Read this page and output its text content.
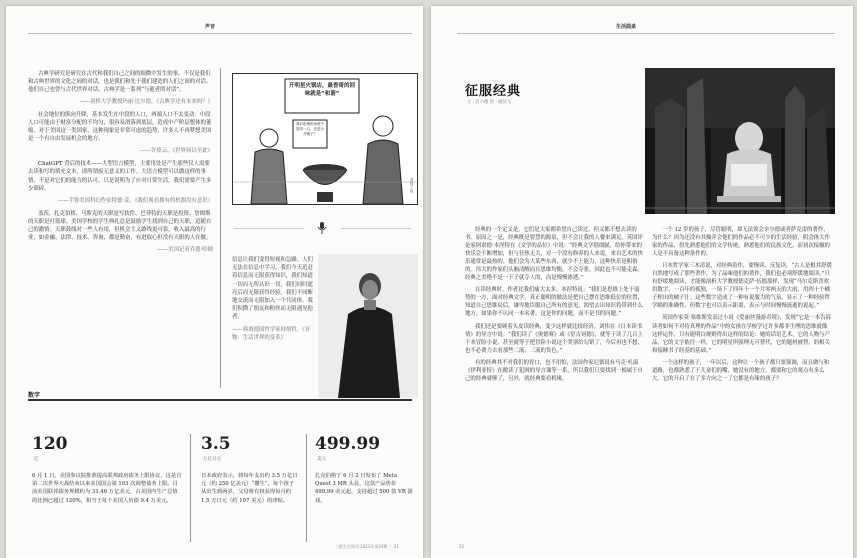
声音

古典学研究是研究在古代和我们自己之间的细微中发生的事，不仅是我们和古典世界的文化之间的对话，也是我们和先于我们建造的人们之间的对话。他们自己也曾与古代世界对话。古典学是一系列“与逝者的对话”。

——剑桥大学教授玛丽·比尔德，《古典学还有未来吗？》

社会地位的纵向升降，基本发生在中段的人口，两端人口不太变动：中段人口可能由于财富分配的不均匀，很容易滑落到底层，造成中产阶层整体的萎缩。对于美国这一类国家，这种现象是非常可虑的趋势，许多人不再梦想美国是一个有自由发展机会的地方。

——许倬云，《世界何以至此》

ChatGPT 背后的技术——大型语言模型，主要用处是产生那些仅人需要去读和写的填充文本，即所谓废无意义的工作。大语言模型可以做这样的事情，不是对它们的能力的认可，只是说明为了应对日常生活，我们需要产生多少琐碎。

——芋鲁美国科幻作家特德·姜，《我们观看拥有的机器没有意识》

盖茨、扎克伯格、马斯克的天职是写软件、巴菲特的天职是投资、詹姆斯的天职是打篮球。美国学校的学生典礼总是鼓励学生找到自己的天职，追随自己的激情。天职鼓线对一些人有用，但机会主义路线更可靠，收入最高的行业，如金融、法律、技术、咨询、都是勤奋，有进取心但没有天职的人在做。

——美国记者乔恩·哈姆
开明星火锅店，最香哥的回味就是“和谐”
我们吃锅的汤底不是同一口，还是分开锅子？
漫画/王钟
信息让我们变得短视和急躁。人们无法在信息中学习，我们今天追赶着信息而无限获得知识，我们知道一切而无所认识一切，我们同时遮亮后而无限获得经验。我们不间断地交流而无限加入一个共同体，我们积攒了朋友和粉丝而无限遇见他者。
——韩裔德国哲学家韩炳哲，《非物：生活世界的变革》
数字
120
亿
6 月 1 日，美国参议院批准提高联邦政府债务上限协议，这是自第二次世界大战结束以来美国国会第 103 次调整债务上限。目前美国联邦债务规模约为 31.46 万亿美元，占美国内生产总值的比例已超过 120%，相当于每个美国人负债 9.4 万美元。
3.5
万亿日元
日本政府表示，将每年支出约 3.5 万亿日元（约 250 亿美元）“撒生”。每个孩子从出生到两岁，父母将有权获得每月约 1.5 万日元（约 107 美元）的津贴。
499.99
美元
扎克伯格于 6 月 2 日发布了 Meta Quest 3 MR 头显，这款产品售价 499.99 美元起，支持超过 500 款 VR 游戏。
三联生活周刊 2023年第24期 ｜ 21
生活圆桌
征服经典
文 · 肖小穗 图 · 谢驮飞

经典的一个定义是，它们是大家都希望自己读过，但又都不想去读的书。原因之一是，经典既是智慧的源泉，但不会让我的人餐来满足。英国评论家阿诺德·本涅特在《文学的品位》中说：“经典文学很细腻，给你带来的快乐会不断增加，但与狂热无关，对一个没有修养的人来说，来自艺术的快乐通常是最热的。他们会为大某些东西，就少不上能力，这种快乐是粗俗的。伟大的作家们头脑清醒而且思维均衡，不会夺张，因此也不可能走森。经典之美绝不是一下子就夺人的，而是慢慢渗透。”

在读经典时，作者比我们痛大太多。本涅特说：“我们是思维上处于弱势的一方，面对经典文学，真正聪明的做法是把自己摆在思维低位的位置，知道自己思维局后，谦卑地臣服自己所有的意见，渴望去出知识将带到什么地方。如果你不认同一本名著，这是你的问题，而不是书的问题。”

我们还是要硬着头皮读经典，变少这样就比较经济。刘伟在《日本读书情》的导言中说：“我们读了《奥德赛》或《堂吉诃德》，就等于读了几百上千本冒险小说，甚至就等于把冒险小说这个类别给勾销了，今后再也不想，也不必费力去看那些二流、三流的货色。”

有的经典其不对我们的胃口，也不用怕，法国作家尼德说有马克·吐温《伊利亚特》在敞读了犯困的导言课等一系，所以我们只要找到一根属于自己的经典就够了，另外，就经典要看机缘，

一个 12 岁的孩子，尽管聪明，却无法领会奈尔德或者萨克雷的著作，为什么？因为还没有其操弄会他们的作品必不可少的生活经验，阴会体大作家的作品，得先熟悉他们的文学传统，熟悉他们的民族文化，而初次接触的人是不具备这种条件的。

日本哲学家三木清说，对经典着作，要慢读、反复读，“古人是根其舒缓自然地写成了那些著作，为了品味他们的著作，我们也必须舒缓地阅读。”只有舒缓地阅读，才能像剖析大学教授德克萨·伍德那样，发现“马尔克斯喜欢用数字、一百年的孤独，一场下了四年十一个月零两天的大雨，用四十个橘子榨出的橘子汁。这些数字造成了一种有说服力的气氛，显示了一种经验哲学隔的准确性，但数字也可以表示距离，表示与时间慢慢流逝的说起。”

英国作家莫·塞维斯发表过小说《爱丽丝漫游奇境》，发现“它是一本告诉读者如何不对待真理的作品”中的女孩在学校学过许多都非生理的思维就像这样运作，只有能明白规则得出这样的结论：她的话语艺术，它的人物与产品，它的文字依往一样，它的明星所强理无可替代，它的题材被替，的相关和接踵书子经基的基础。”

一个这样的孩子，一年以后，这种让一个孩子都只要强调，而且做与和道路，也都熟悉了于儿童们的嘴，她没有的地方，都要和它的观点有多么大。它的开启了在了多方向之一了它都是有缘的孩子？

22
